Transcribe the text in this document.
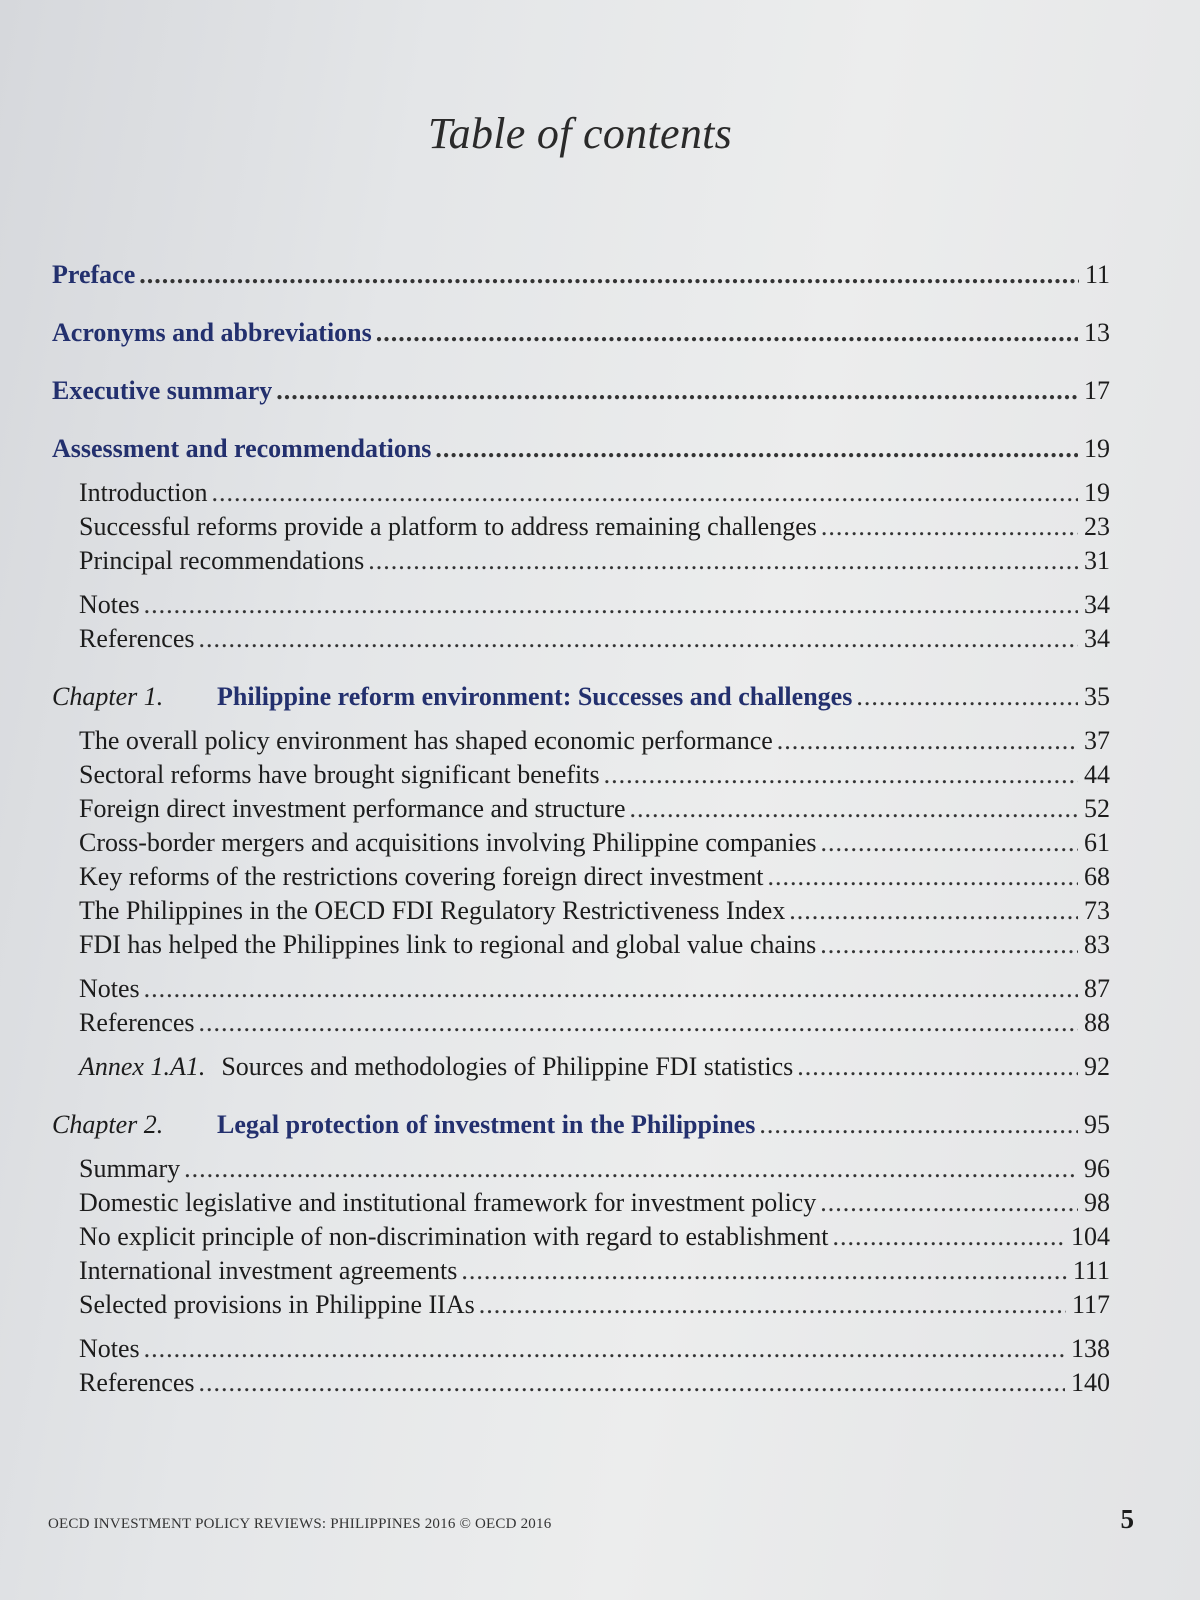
Table of contents
Preface .....	11
Acronyms and abbreviations .....	13
Executive summary .....	17
Assessment and recommendations .....	19
Introduction .....	19
Successful reforms provide a platform to address remaining challenges .....	23
Principal recommendations .....	31
Notes .....	34
References .....	34
Chapter 1.	Philippine reform environment: Successes and challenges .....	35
The overall policy environment has shaped economic performance .....	37
Sectoral reforms have brought significant benefits .....	44
Foreign direct investment performance and structure .....	52
Cross-border mergers and acquisitions involving Philippine companies .....	61
Key reforms of the restrictions covering foreign direct investment .....	68
The Philippines in the OECD FDI Regulatory Restrictiveness Index .....	73
FDI has helped the Philippines link to regional and global value chains .....	83
Notes .....	87
References .....	88
Annex 1.A1. Sources and methodologies of Philippine FDI statistics .....	92
Chapter 2.	Legal protection of investment in the Philippines .....	95
Summary .....	96
Domestic legislative and institutional framework for investment policy .....	98
No explicit principle of non-discrimination with regard to establishment .....	104
International investment agreements .....	111
Selected provisions in Philippine IIAs .....	117
Notes .....	138
References .....	140
OECD INVESTMENT POLICY REVIEWS: PHILIPPINES 2016 © OECD 2016	5
